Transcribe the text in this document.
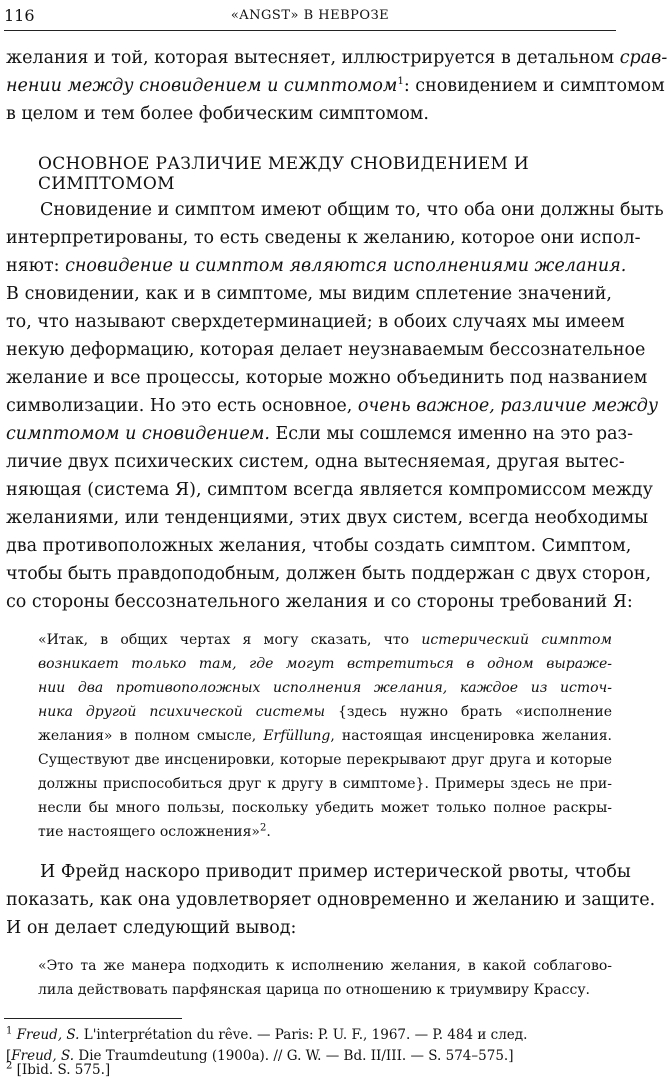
116	«ANGST» В НЕВРОЗЕ
желания и той, которая вытесняет, иллюстрируется в детальном срав-
нении между сновидением и симптомом$^1$: сновидением и симптомом
в целом и тем более фобическим симптомом.
ОСНОВНОЕ РАЗЛИЧИЕ МЕЖДУ СНОВИДЕНИЕМ И СИМПТОМОМ
Сновидение и симптом имеют общим то, что оба они должны быть
интерпретированы, то есть сведены к желанию, которое они испол-
няют: сновидение и симптом являются исполнениями желания.
В сновидении, как и в симптоме, мы видим сплетение значений,
то, что называют сверхдетерминацией; в обоих случаях мы имеем
некую деформацию, которая делает неузнаваемым бессознательное
желание и все процессы, которые можно объединить под названием
символизации. Но это есть основное, очень важное, различие между
симптомом и сновидением. Если мы сошлемся именно на это раз-
личие двух психических систем, одна вытесняемая, другая вытес-
няющая (система Я), симптом всегда является компромиссом между
желаниями, или тенденциями, этих двух систем, всегда необходимы
два противоположных желания, чтобы создать симптом. Симптом,
чтобы быть правдоподобным, должен быть поддержан с двух сторон,
со стороны бессознательного желания и со стороны требований Я:
«Итак, в общих чертах я могу сказать, что истерический симптом
возникает только там, где могут встретиться в одном выраже-
нии два противоположных исполнения желания, каждое из источ-
ника другой психической системы {здесь нужно брать «исполнение
желания» в полном смысле, Erfüllung, настоящая инсценировка желания.
Существуют две инсценировки, которые перекрывают друг друга и которые
должны приспособиться друг к другу в симптоме}. Примеры здесь не при-
несли бы много пользы, поскольку убедить может только полное раскры-
тие настоящего осложнения»$^2$.
И Фрейд наскоро приводит пример истерической рвоты, чтобы
показать, как она удовлетворяет одновременно и желанию и защите.
И он делает следующий вывод:
«Это та же манера подходить к исполнению желания, в какой соблагово-
лила действовать парфянская царица по отношению к триумвиру Крассу.
$^1$ Freud, S. L'interprétation du rêve. — Paris: P. U. F., 1967. — P. 484 и след.
[Freud, S. Die Traumdeutung (1900a). // G. W. — Bd. II/III. — S. 574–575.]
$^2$ [Ibid. S. 575.]
